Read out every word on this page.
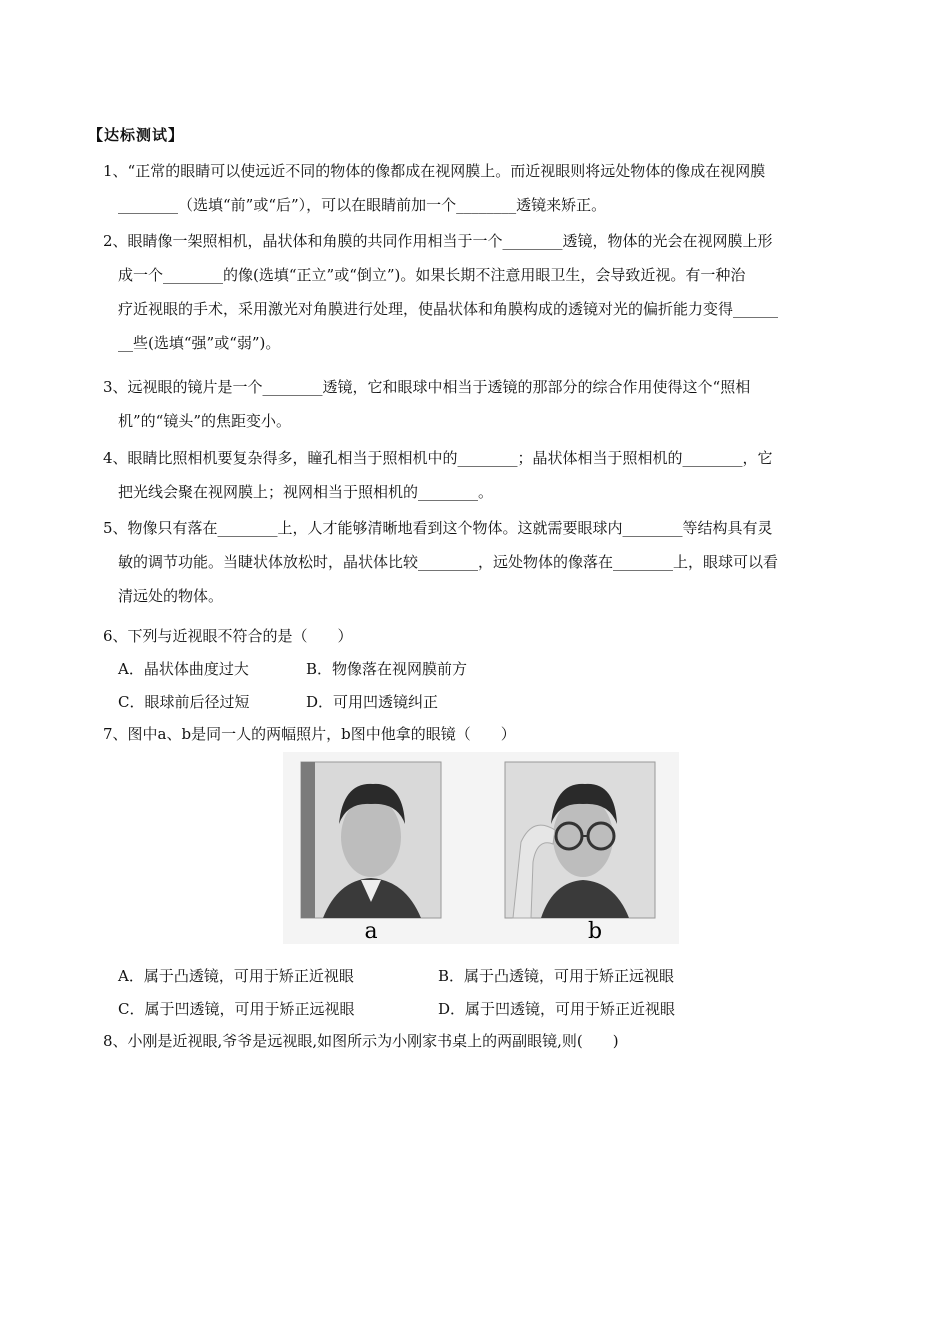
【达标测试】

1、“正常的眼睛可以使远近不同的物体的像都成在视网膜上。而近视眼则将远处物体的像成在视网膜

________（选填“前”或“后”），可以在眼睛前加一个________透镜来矫正。

2、眼睛像一架照相机，晶状体和角膜的共同作用相当于一个________透镜，物体的光会在视网膜上形

成一个________的像(选填“正立”或“倒立”)。如果长期不注意用眼卫生，会导致近视。有一种治

疗近视眼的手术，采用激光对角膜进行处理，使晶状体和角膜构成的透镜对光的偏折能力变得______

__些(选填“强”或“弱”)。

3、远视眼的镜片是一个________透镜，它和眼球中相当于透镜的那部分的综合作用使得这个“照相

机”的“镜头”的焦距变小。

4、眼睛比照相机要复杂得多，瞳孔相当于照相机中的________；晶状体相当于照相机的________，它

把光线会聚在视网膜上；视网相当于照相机的________。

5、物像只有落在________上，人才能够清晰地看到这个物体。这就需要眼球内________等结构具有灵

敏的调节功能。当睫状体放松时，晶状体比较________，远处物体的像落在________上，眼球可以看

清远处的物体。

6、下列与近视眼不符合的是（　　）

A．晶状体曲度过大	B．物像落在视网膜前方
C．眼球前后径过短	D．可用凹透镜纠正

7、图中a、b是同一人的两幅照片，b图中他拿的眼镜（　　）

a	b
A．属于凸透镜，可用于矫正近视眼	B．属于凸透镜，可用于矫正远视眼
C．属于凹透镜，可用于矫正远视眼	D．属于凹透镜，可用于矫正近视眼

8、小刚是近视眼,爷爷是远视眼,如图所示为小刚家书桌上的两副眼镜,则(　　)
